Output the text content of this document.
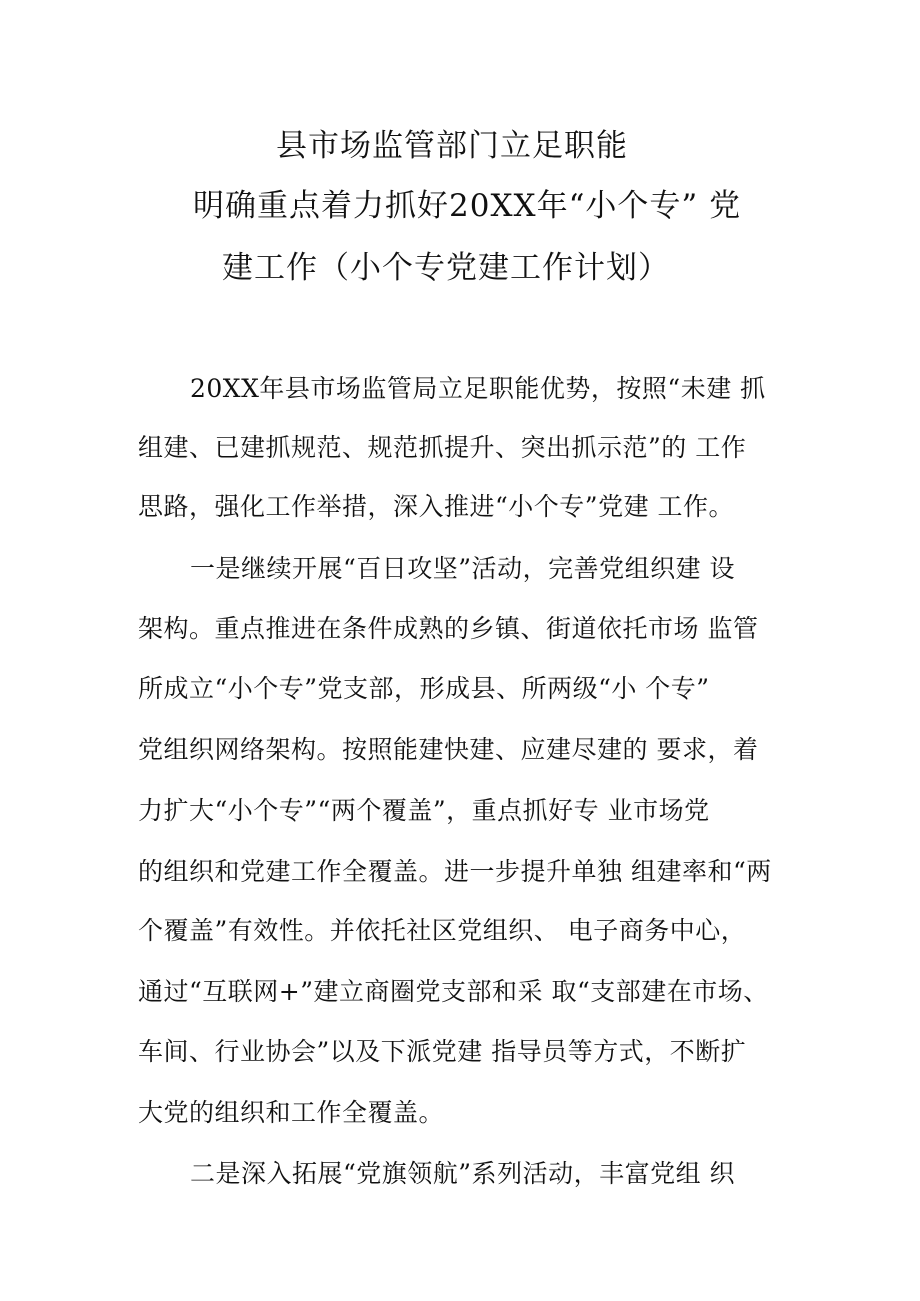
县市场监管部门立足职能
明确重点着力抓好20XX年“小个专” 党
建工作（小个专党建工作计划）
20XX年县市场监管局立足职能优势，按照“未建 抓
组建、已建抓规范、规范抓提升、突出抓示范”的 工作
思路，强化工作举措，深入推进“小个专”党建 工作。
一是继续开展“百日攻坚”活动，完善党组织建 设
架构。重点推进在条件成熟的乡镇、街道依托市场 监管
所成立“小个专”党支部，形成县、所两级“小 个专”
党组织网络架构。按照能建快建、应建尽建的 要求，着
力扩大“小个专”“两个覆盖”，重点抓好专 业市场党
的组织和党建工作全覆盖。进一步提升单独 组建率和“两
个覆盖”有效性。并依托社区党组织、 电子商务中心，
通过“互联网+”建立商圈党支部和采 取“支部建在市场、
车间、行业协会”以及下派党建 指导员等方式，不断扩
大党的组织和工作全覆盖。
二是深入拓展“党旗领航”系列活动，丰富党组 织
